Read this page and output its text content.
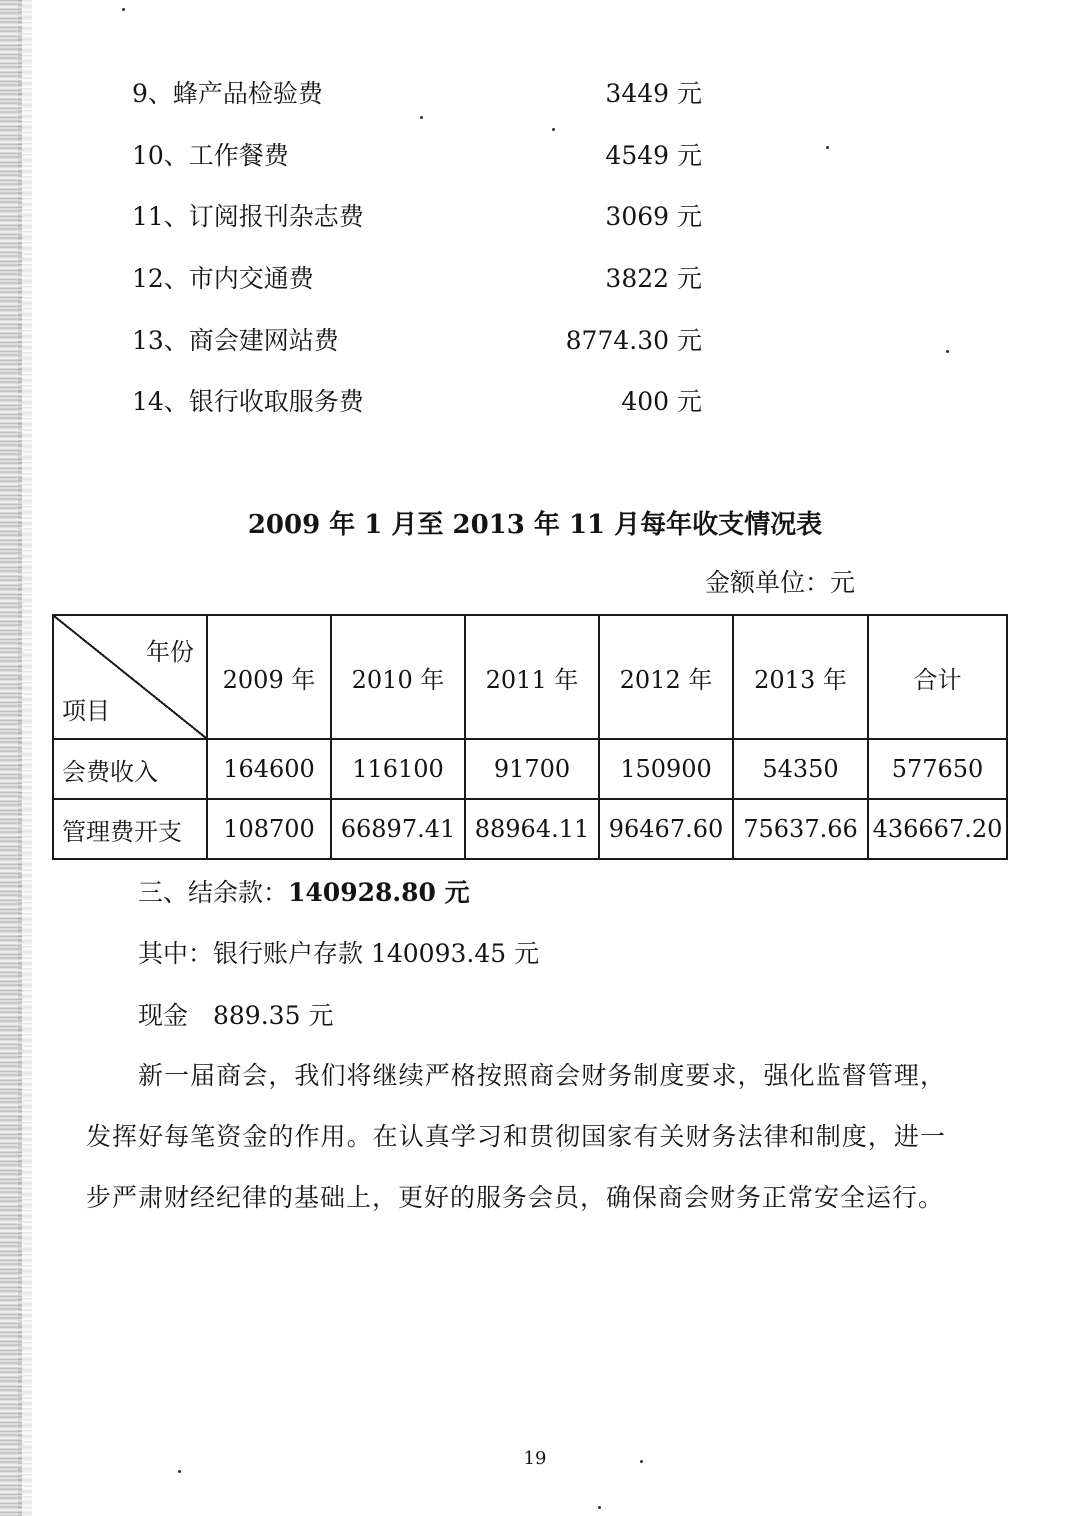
9、蜂产品检验费	3449 元
10、工作餐费	4549 元
11、订阅报刊杂志费	3069 元
12、市内交通费	3822 元
13、商会建网站费	8774.30 元
14、银行收取服务费	400 元
2009 年 1 月至 2013 年 11 月每年收支情况表
金额单位：元
年份
项目	2009 年	2010 年	2011 年	2012 年	2013 年	合计
会费收入	164600	116100	91700	150900	54350	577650
管理费开支	108700	66897.41	88964.11	96467.60	75637.66	436667.20
三、结余款：140928.80 元
其中：银行账户存款 140093.45 元
现金　889.35 元
新一届商会，我们将继续严格按照商会财务制度要求，强化监督管理，发挥好每笔资金的作用。在认真学习和贯彻国家有关财务法律和制度，进一步严肃财经纪律的基础上，更好的服务会员，确保商会财务正常安全运行。
19
